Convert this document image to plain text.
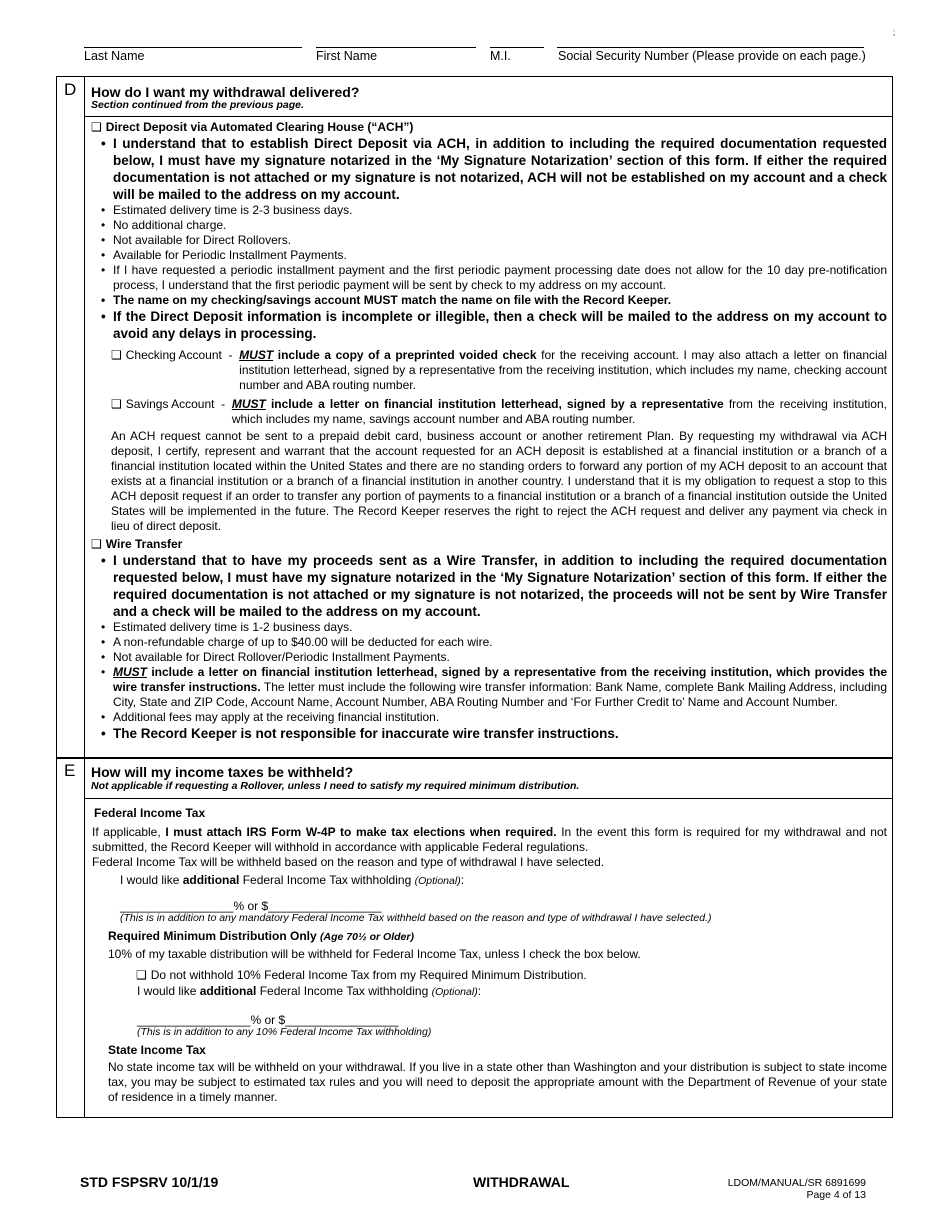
;
Last Name	First Name	M.I.	Social Security Number (Please provide on each page.)
D How do I want my withdrawal delivered?
Section continued from the previous page.
❑ Direct Deposit via Automated Clearing House (“ACH”)
• I understand that to establish Direct Deposit via ACH, in addition to including the required documentation requested below, I must have my signature notarized in the ‘My Signature Notarization’ section of this form. If either the required documentation is not attached or my signature is not notarized, ACH will not be established on my account and a check will be mailed to the address on my account.
• Estimated delivery time is 2-3 business days.
• No additional charge.
• Not available for Direct Rollovers.
• Available for Periodic Installment Payments.
• If I have requested a periodic installment payment and the first periodic payment processing date does not allow for the 10 day pre-notification process, I understand that the first periodic payment will be sent by check to my address on my account.
• The name on my checking/savings account MUST match the name on file with the Record Keeper.
• If the Direct Deposit information is incomplete or illegible, then a check will be mailed to the address on my account to avoid any delays in processing.
❑ Checking Account  - MUST include a copy of a preprinted voided check for the receiving account. I may also attach a letter on financial institution letterhead, signed by a representative from the receiving institution, which includes my name, checking account number and ABA routing number.
❑ Savings Account  - MUST include a letter on financial institution letterhead, signed by a representative from the receiving institution, which includes my name, savings account number and ABA routing number.
An ACH request cannot be sent to a prepaid debit card, business account or another retirement Plan. By requesting my withdrawal via ACH deposit, I certify, represent and warrant that the account requested for an ACH deposit is established at a financial institution or a branch of a financial institution located within the United States and there are no standing orders to forward any portion of my ACH deposit to an account that exists at a financial institution or a branch of a financial institution in another country. I understand that it is my obligation to request a stop to this ACH deposit request if an order to transfer any portion of payments to a financial institution or a branch of a financial institution outside the United States will be implemented in the future. The Record Keeper reserves the right to reject the ACH request and deliver any payment via check in lieu of direct deposit.
❑ Wire Transfer
• I understand that to have my proceeds sent as a Wire Transfer, in addition to including the required documentation requested below, I must have my signature notarized in the ‘My Signature Notarization’ section of this form. If either the required documentation is not attached or my signature is not notarized, the proceeds will not be sent by Wire Transfer and a check will be mailed to the address on my account.
• Estimated delivery time is 1-2 business days.
• A non-refundable charge of up to $40.00 will be deducted for each wire.
• Not available for Direct Rollover/Periodic Installment Payments.
• MUST include a letter on financial institution letterhead, signed by a representative from the receiving institution, which provides the wire transfer instructions. The letter must include the following wire transfer information: Bank Name, complete Bank Mailing Address, including City, State and ZIP Code, Account Name, Account Number, ABA Routing Number and ‘For Further Credit to’ Name and Account Number.
• Additional fees may apply at the receiving financial institution.
• The Record Keeper is not responsible for inaccurate wire transfer instructions.
E How will my income taxes be withheld?
Not applicable if requesting a Rollover, unless I need to satisfy my required minimum distribution.

Federal Income Tax

If applicable, I must attach IRS Form W-4P to make tax elections when required. In the event this form is required for my withdrawal and not submitted, the Record Keeper will withhold in accordance with applicable Federal regulations.

Federal Income Tax will be withheld based on the reason and type of withdrawal I have selected.

I would like additional Federal Income Tax withholding (Optional):

_________________% or $_________________

(This is in addition to any mandatory Federal Income Tax withheld based on the reason and type of withdrawal I have selected.)

Required Minimum Distribution Only (Age 70½ or Older)

10% of my taxable distribution will be withheld for Federal Income Tax, unless I check the box below.

❑ Do not withhold 10% Federal Income Tax from my Required Minimum Distribution.

I would like additional Federal Income Tax withholding (Optional):

_________________% or $_________________

(This is in addition to any 10% Federal Income Tax withholding)

State Income Tax

No state income tax will be withheld on your withdrawal. If you live in a state other than Washington and your distribution is subject to state income tax, you may be subject to estimated tax rules and you will need to deposit the appropriate amount with the Department of Revenue of your state of residence in a timely manner.

STD FSPSRV 10/1/19	WITHDRAWAL	LDOM/MANUAL/SR 6891699
Page 4 of 13
